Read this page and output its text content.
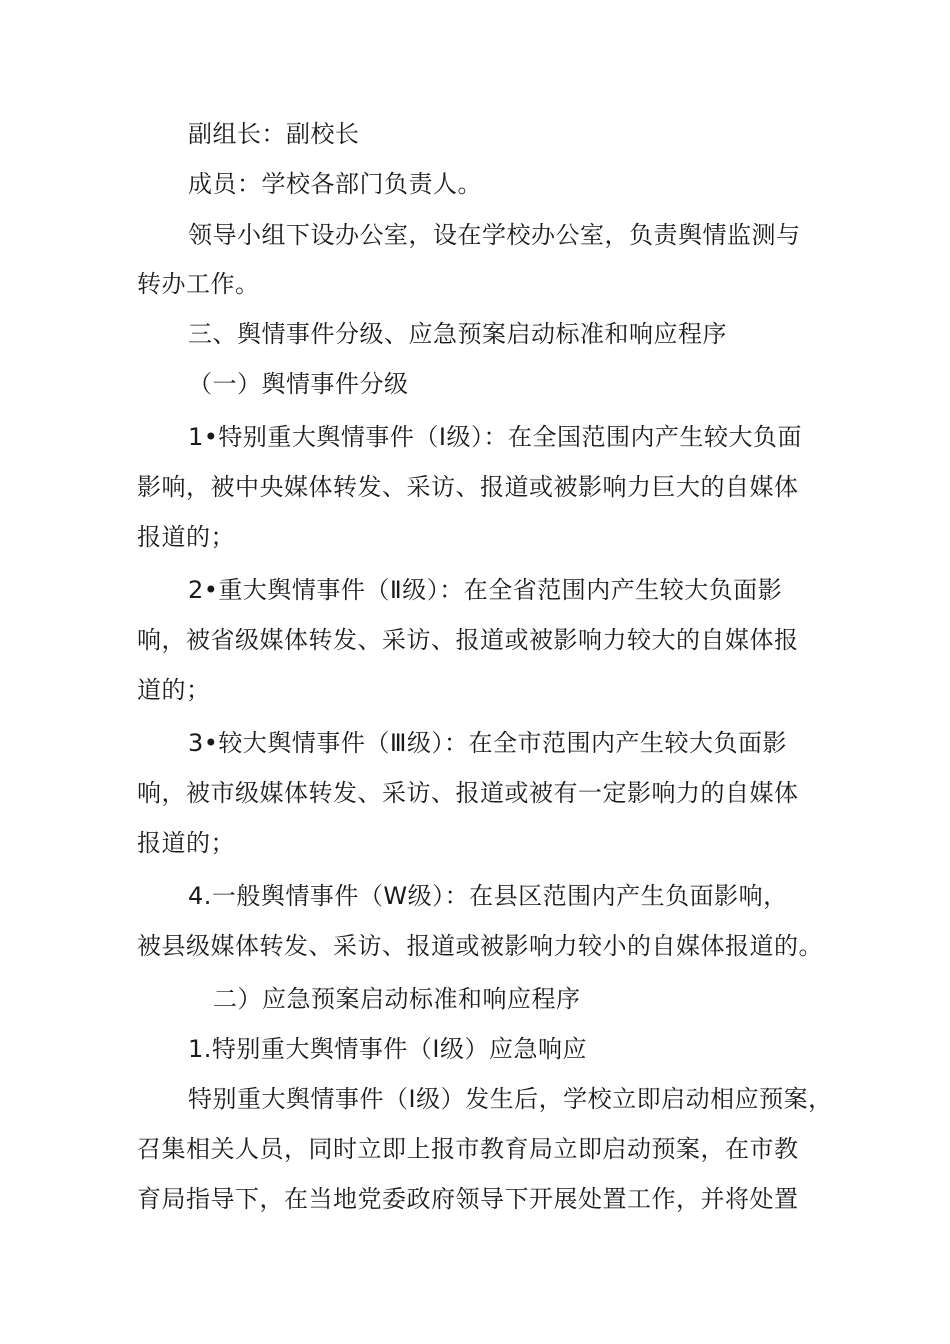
副组长：副校长
成员：学校各部门负责人。
领导小组下设办公室，设在学校办公室，负责舆情监测与
转办工作。
三、舆情事件分级、应急预案启动标准和响应程序
（一）舆情事件分级
1•特别重大舆情事件（Ⅰ级）：在全国范围内产生较大负面
影响，被中央媒体转发、采访、报道或被影响力巨大的自媒体
报道的；
2•重大舆情事件（Ⅱ级）：在全省范围内产生较大负面影
响，被省级媒体转发、采访、报道或被影响力较大的自媒体报
道的；
3•较大舆情事件（Ⅲ级）：在全市范围内产生较大负面影
响，被市级媒体转发、采访、报道或被有一定影响力的自媒体
报道的；
4.一般舆情事件（W级）：在县区范围内产生负面影响，
被县级媒体转发、采访、报道或被影响力较小的自媒体报道的。
二）应急预案启动标准和响应程序
1.特别重大舆情事件（Ⅰ级）应急响应
特别重大舆情事件（Ⅰ级）发生后，学校立即启动相应预案，
召集相关人员，同时立即上报市教育局立即启动预案，在市教
育局指导下，在当地党委政府领导下开展处置工作，并将处置
